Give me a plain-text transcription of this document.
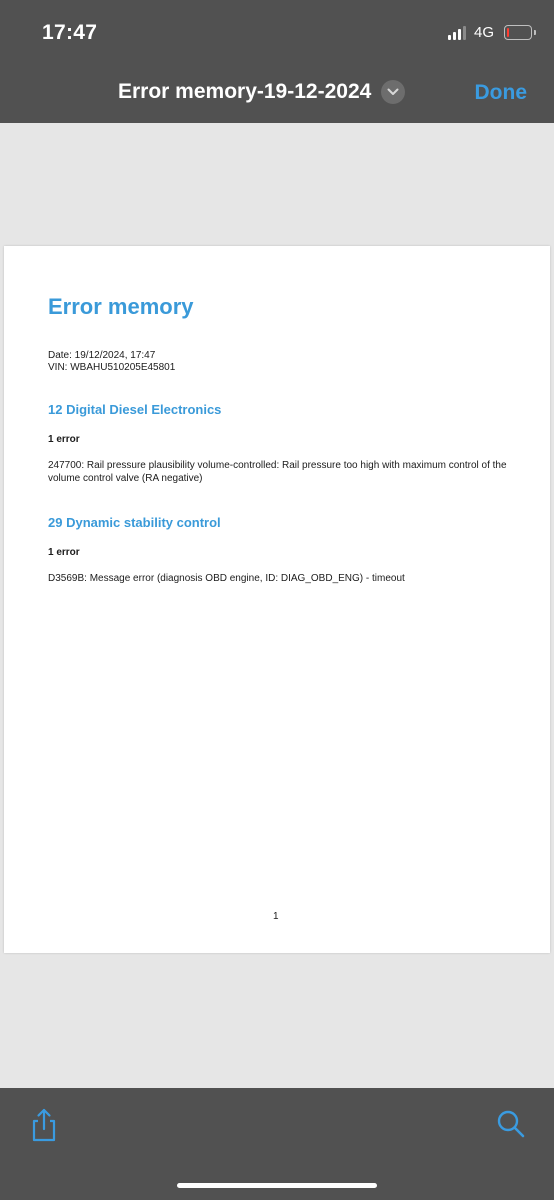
17:47	4G
Error memory-19-12-2024	Done
Error memory
Date: 19/12/2024, 17:47
VIN: WBAHU510205E45801
12 Digital Diesel Electronics
1 error
247700: Rail pressure plausibility volume-controlled: Rail pressure too high with maximum control of the volume control valve (RA negative)
29 Dynamic stability control
1 error
D3569B: Message error (diagnosis OBD engine, ID: DIAG_OBD_ENG) - timeout
1
